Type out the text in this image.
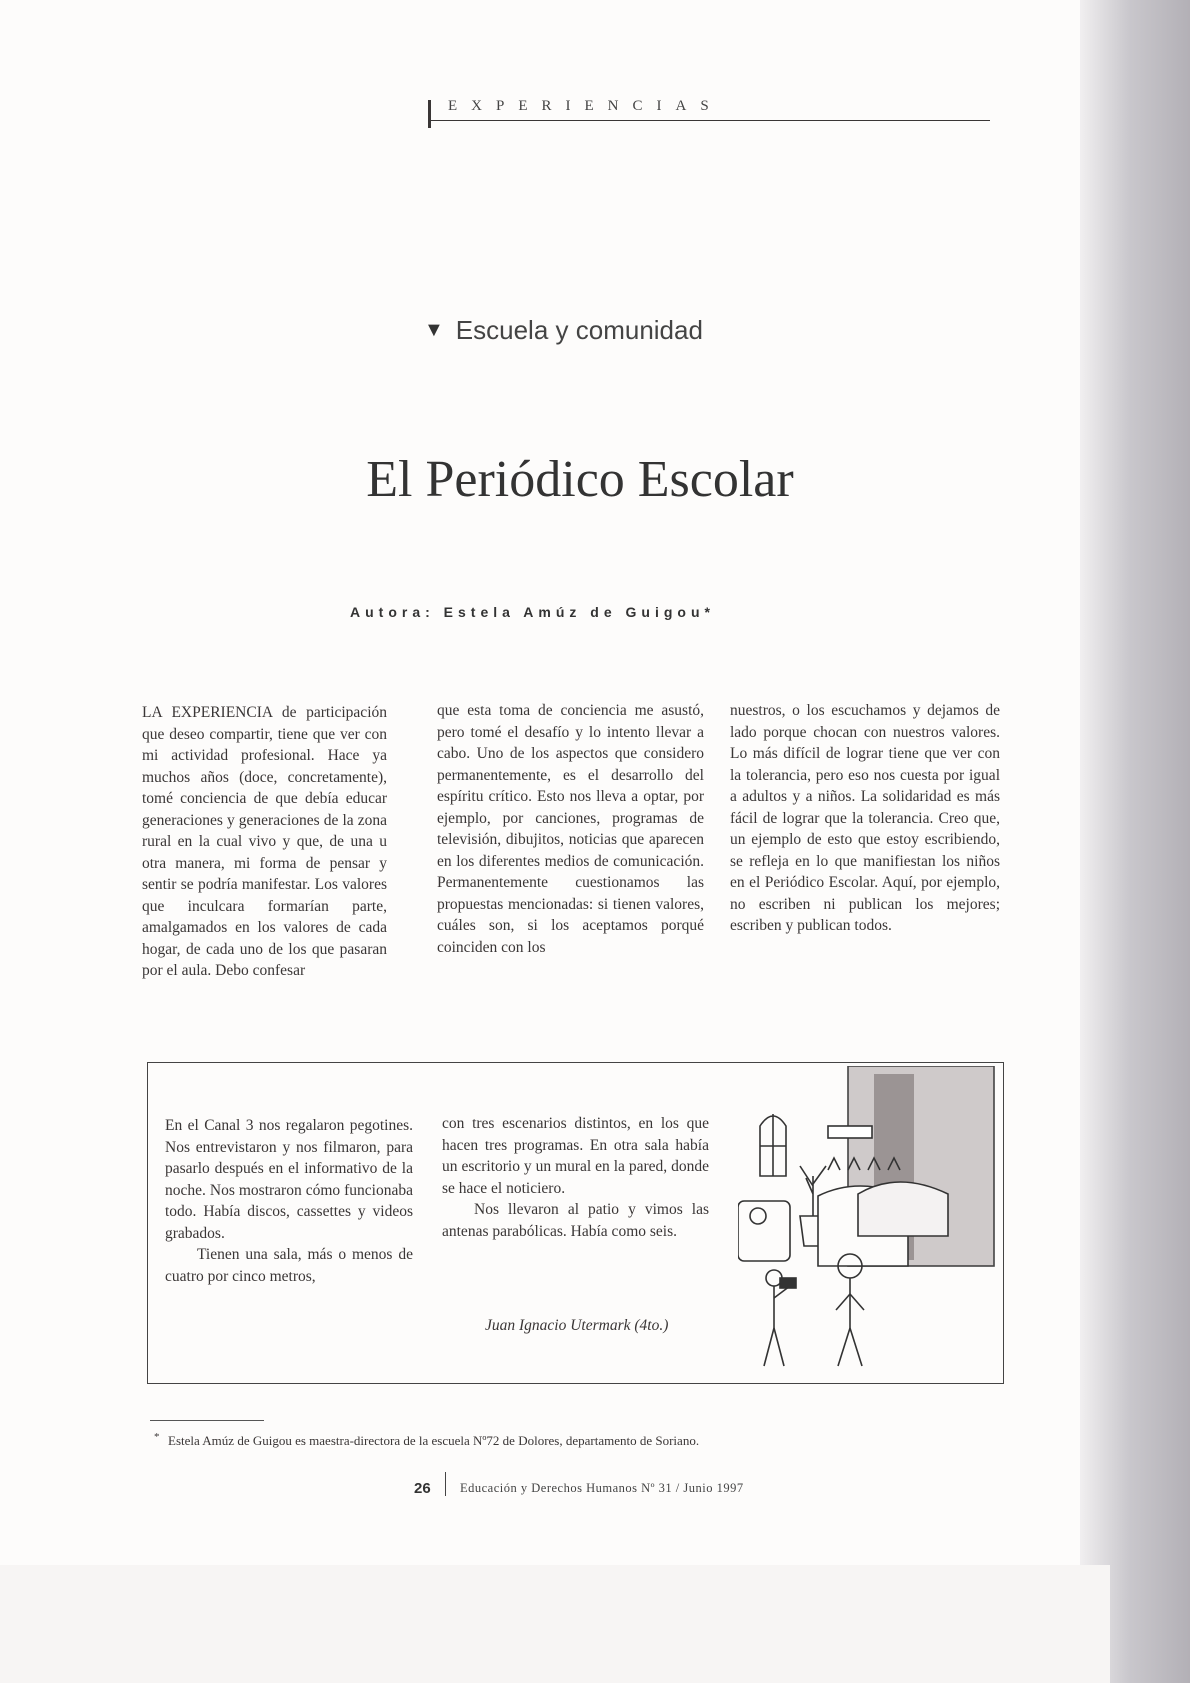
EXPERIENCIAS
▼ Escuela y comunidad
El Periódico Escolar
Autora: Estela Amúz de Guigou*
LA EXPERIENCIA de participación que deseo compartir, tiene que ver con mi actividad profesional. Hace ya muchos años (doce, concretamente), tomé conciencia de que debía educar generaciones y generaciones de la zona rural en la cual vivo y que, de una u otra manera, mi forma de pensar y sentir se podría manifestar. Los valores que inculcara formarían parte, amalgamados en los valores de cada hogar, de cada uno de los que pasaran por el aula. Debo confesar
que esta toma de conciencia me asustó, pero tomé el desafío y lo intento llevar a cabo. Uno de los aspectos que considero permanentemente, es el desarrollo del espíritu crítico. Esto nos lleva a optar, por ejemplo, por canciones, programas de televisión, dibujitos, noticias que aparecen en los diferentes medios de comunicación. Permanentemente cuestionamos las propuestas mencionadas: si tienen valores, cuáles son, si los aceptamos porqué coinciden con los
nuestros, o los escuchamos y dejamos de lado porque chocan con nuestros valores. Lo más difícil de lograr tiene que ver con la tolerancia, pero eso nos cuesta por igual a adultos y a niños. La solidaridad es más fácil de lograr que la tolerancia. Creo que, un ejemplo de esto que estoy escribiendo, se refleja en lo que manifiestan los niños en el Periódico Escolar. Aquí, por ejemplo, no escriben ni publican los mejores; escriben y publican todos.
En el Canal 3 nos regalaron pegotines. Nos entrevistaron y nos filmaron, para pasarlo después en el informativo de la noche. Nos mostraron cómo funcionaba todo. Había discos, cassettes y videos grabados.
Tienen una sala, más o menos de cuatro por cinco metros,
con tres escenarios distintos, en los que hacen tres programas. En otra sala había un escritorio y un mural en la pared, donde se hace el noticiero.
Nos llevaron al patio y vimos las antenas parabólicas. Había como seis.
Juan Ignacio Utermark (4to.)
* Estela Amúz de Guigou es maestra-directora de la escuela Nº72 de Dolores, departamento de Soriano.
26 Educación y Derechos Humanos Nº 31 / Junio 1997
